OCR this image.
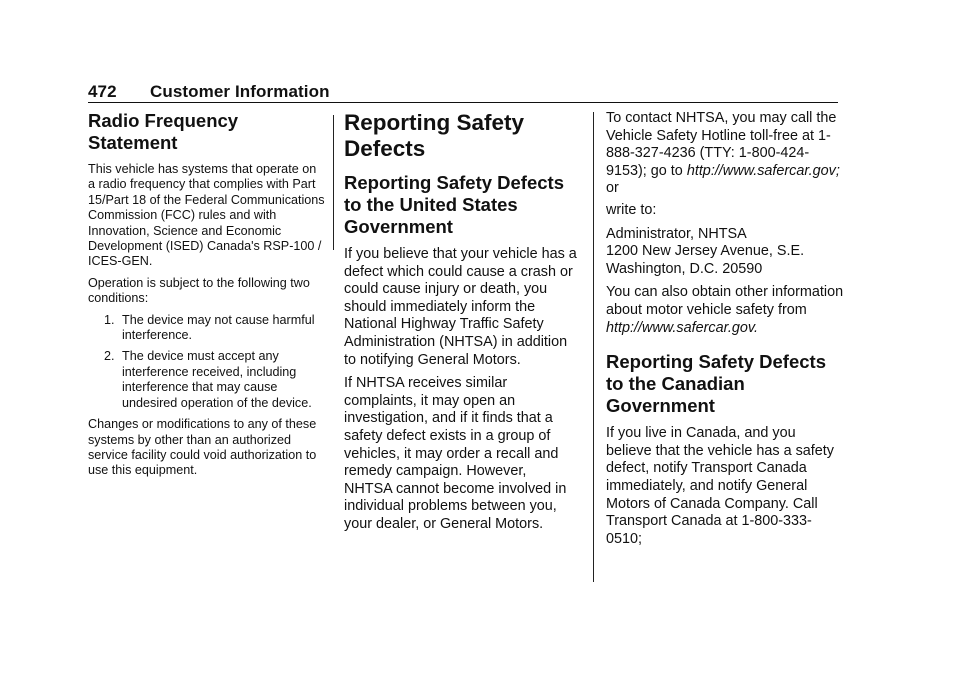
472 Customer Information
Radio Frequency Statement

This vehicle has systems that operate on a radio frequency that complies with Part 15/Part 18 of the Federal Communications Commission (FCC) rules and with Innovation, Science and Economic Development (ISED) Canada's RSP-100 / ICES-GEN.

Operation is subject to the following two conditions:

1. The device may not cause harmful interference.
2. The device must accept any interference received, including interference that may cause undesired operation of the device.

Changes or modifications to any of these systems by other than an authorized service facility could void authorization to use this equipment.

Reporting Safety Defects
Reporting Safety Defects to the United States Government

If you believe that your vehicle has a defect which could cause a crash or could cause injury or death, you should immediately inform the National Highway Traffic Safety Administration (NHTSA) in addition to notifying General Motors.

If NHTSA receives similar complaints, it may open an investigation, and if it finds that a safety defect exists in a group of vehicles, it may order a recall and remedy campaign. However, NHTSA cannot become involved in individual problems between you, your dealer, or General Motors.

To contact NHTSA, you may call the Vehicle Safety Hotline toll-free at 1-888-327-4236 (TTY: 1-800-424-9153); go to http://www.safercar.gov; or

write to:

Administrator, NHTSA
1200 New Jersey Avenue, S.E.
Washington, D.C. 20590

You can also obtain other information about motor vehicle safety from http://www.safercar.gov.

Reporting Safety Defects to the Canadian Government

If you live in Canada, and you believe that the vehicle has a safety defect, notify Transport Canada immediately, and notify General Motors of Canada Company. Call Transport Canada at 1-800-333-0510;
